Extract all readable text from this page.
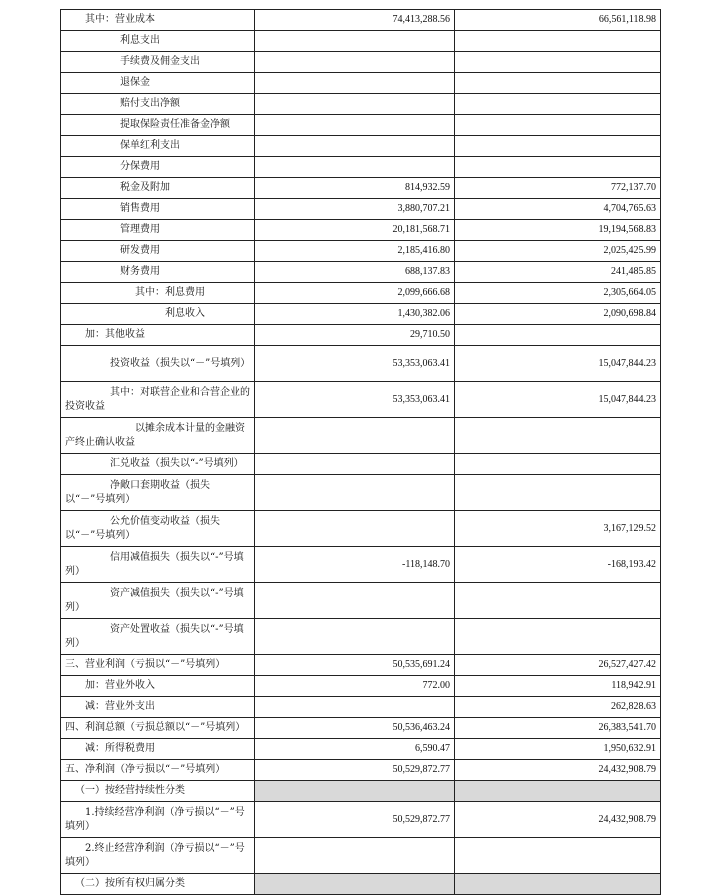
其中：营业成本	74,413,288.56	66,561,118.98
利息支出		
手续费及佣金支出		
退保金		
赔付支出净额		
提取保险责任准备金净额		
保单红利支出		
分保费用		
税金及附加	814,932.59	772,137.70
销售费用	3,880,707.21	4,704,765.63
管理费用	20,181,568.71	19,194,568.83
研发费用	2,185,416.80	2,025,425.99
财务费用	688,137.83	241,485.85
其中：利息费用	2,099,666.68	2,305,664.05
利息收入	1,430,382.06	2,090,698.84
加：其他收益	29,710.50	
投资收益（损失以“－”号填列）	53,353,063.41	15,047,844.23
其中：对联营企业和合营企业的投资收益	53,353,063.41	15,047,844.23
以摊余成本计量的金融资产终止确认收益		
汇兑收益（损失以“-”号填列）		
净敞口套期收益（损失以“－”号填列）		
公允价值变动收益（损失以“－”号填列）		3,167,129.52
信用减值损失（损失以“-”号填列）	-118,148.70	-168,193.42
资产减值损失（损失以“-”号填列）		
资产处置收益（损失以“-”号填列）		
三、营业利润（亏损以“－”号填列）	50,535,691.24	26,527,427.42
加：营业外收入	772.00	118,942.91
减：营业外支出		262,828.63
四、利润总额（亏损总额以“－”号填列）	50,536,463.24	26,383,541.70
减：所得税费用	6,590.47	1,950,632.91
五、净利润（净亏损以“－”号填列）	50,529,872.77	24,432,908.79
（一）按经营持续性分类		
1.持续经营净利润（净亏损以“－”号填列）	50,529,872.77	24,432,908.79
2.终止经营净利润（净亏损以“－”号填列）		
（二）按所有权归属分类		
